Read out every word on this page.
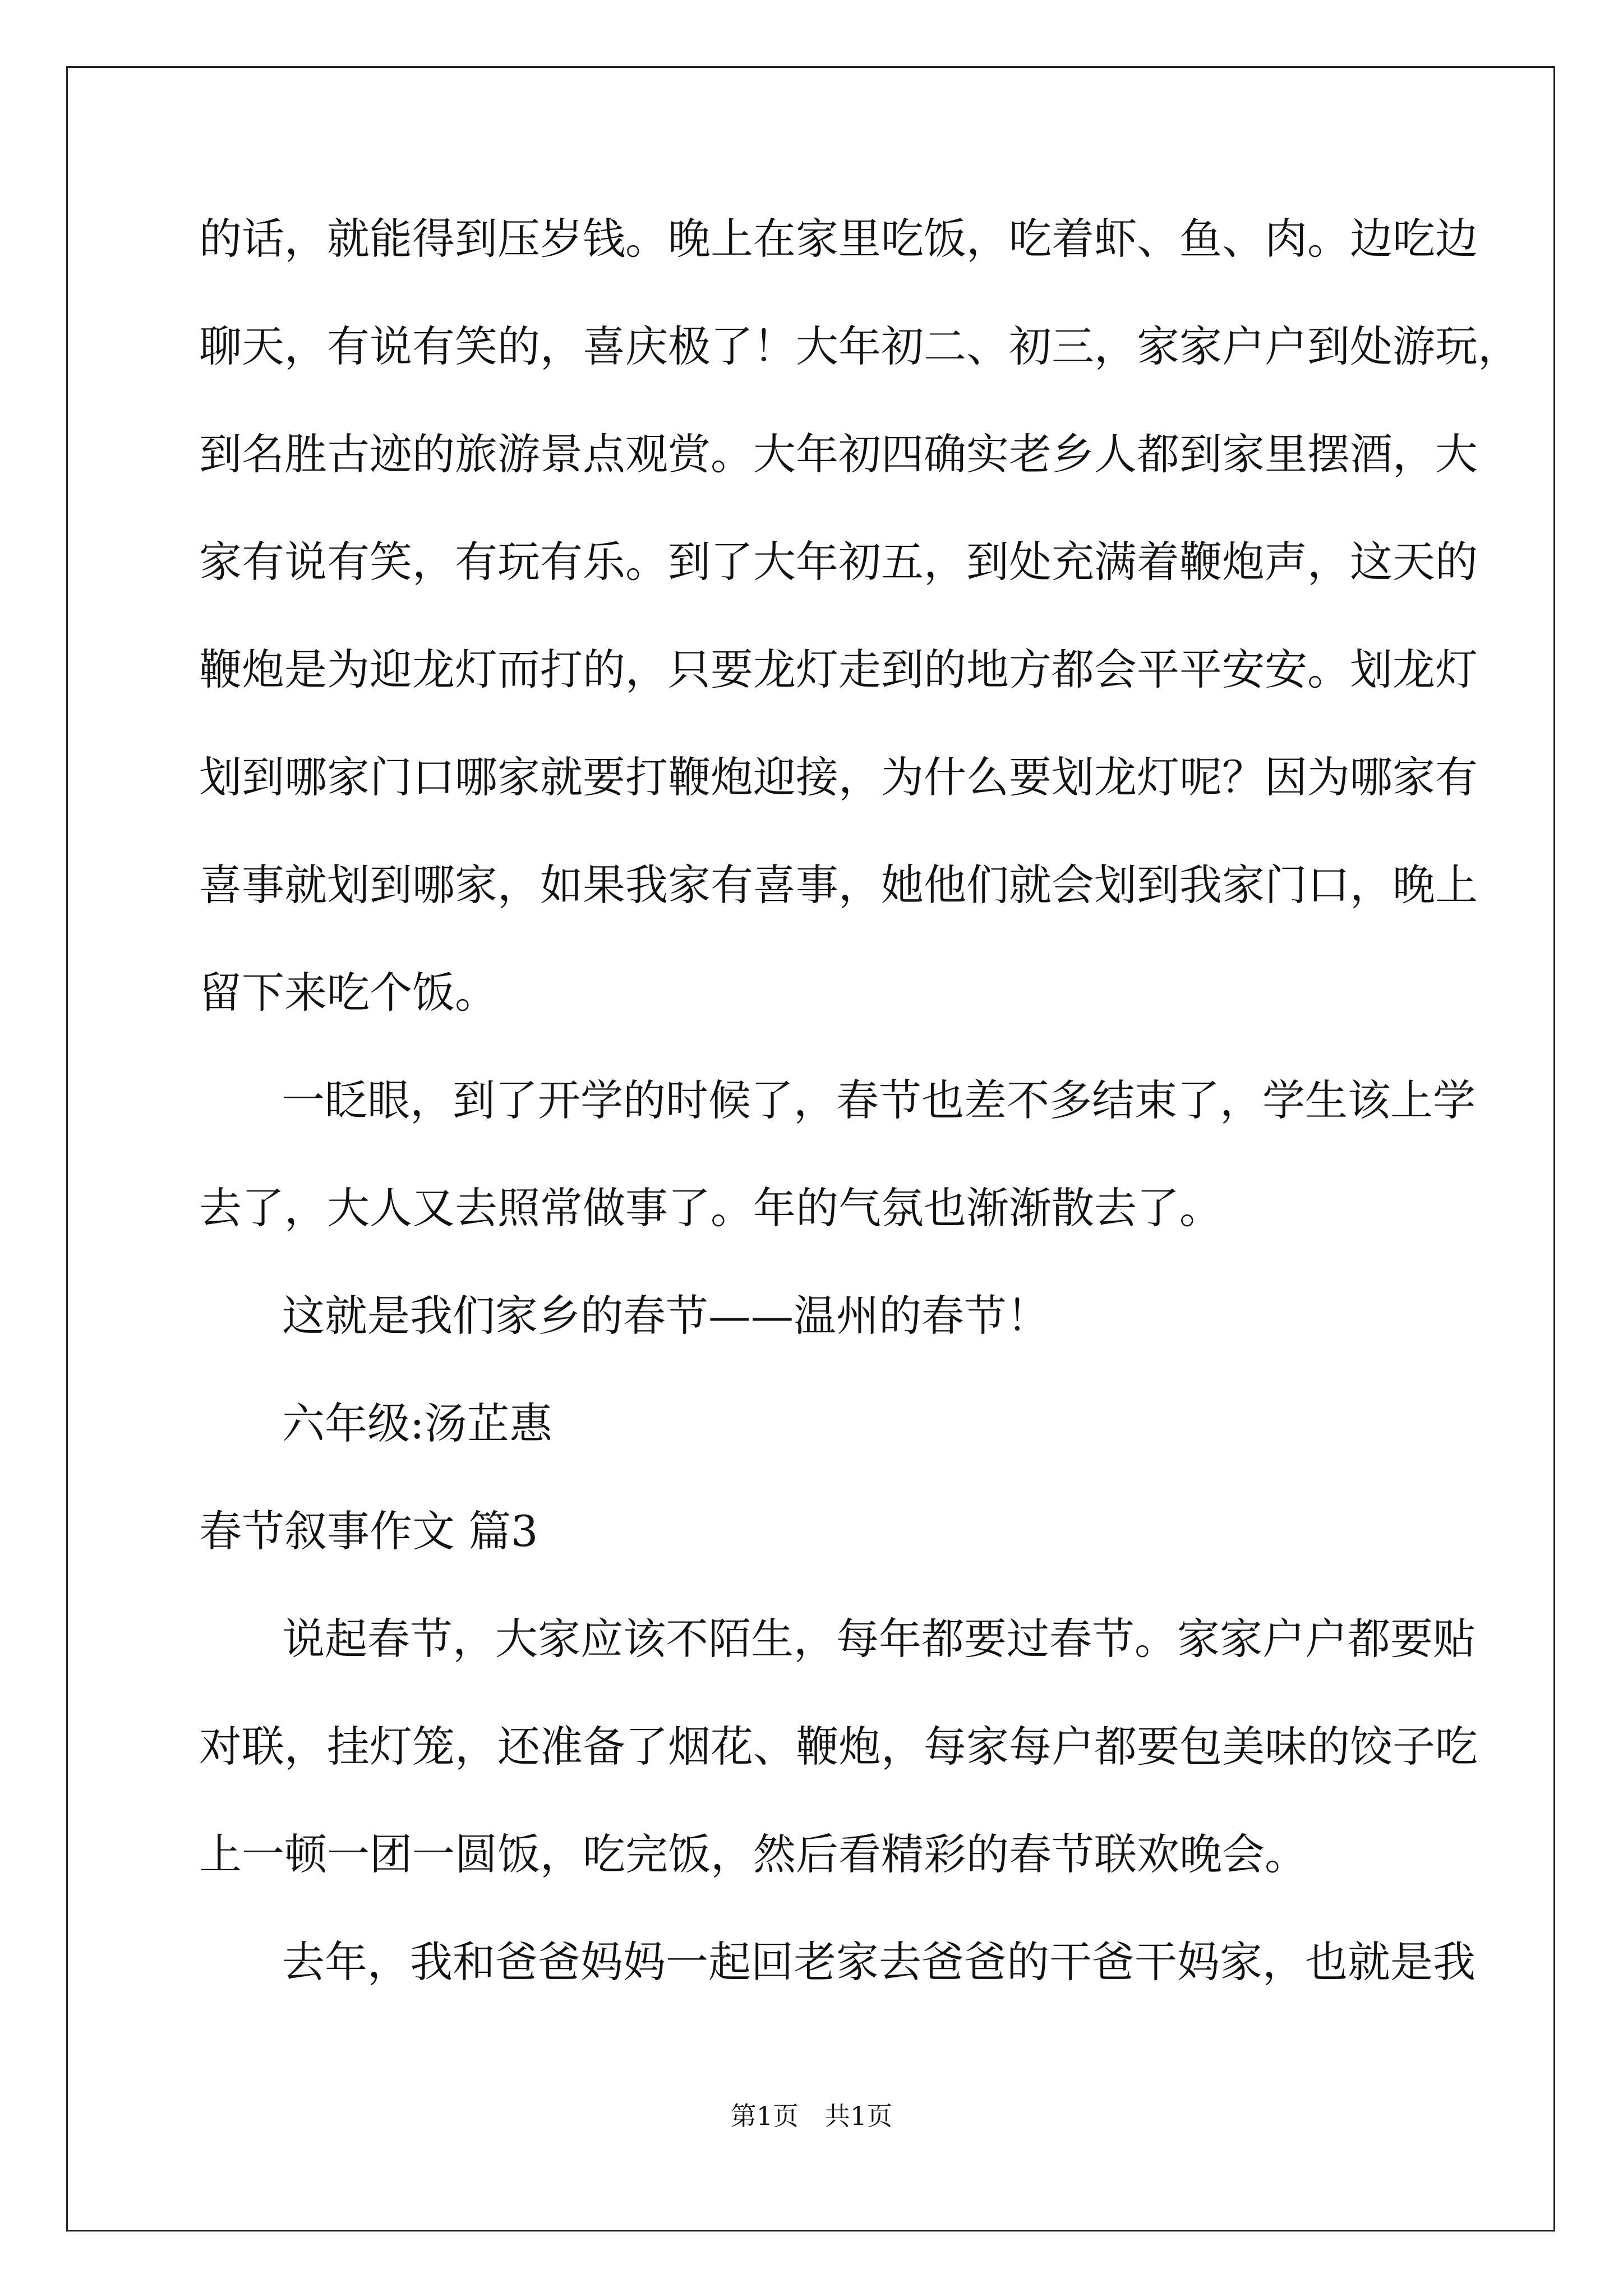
的话，就能得到压岁钱。晚上在家里吃饭，吃着虾、鱼、肉。边吃边
聊天，有说有笑的，喜庆极了！大年初二、初三，家家户户到处游玩，
到名胜古迹的旅游景点观赏。大年初四确实老乡人都到家里摆酒，大
家有说有笑，有玩有乐。到了大年初五，到处充满着鞭炮声，这天的
鞭炮是为迎龙灯而打的，只要龙灯走到的地方都会平平安安。划龙灯
划到哪家门口哪家就要打鞭炮迎接，为什么要划龙灯呢？因为哪家有
喜事就划到哪家，如果我家有喜事，她他们就会划到我家门口，晚上
留下来吃个饭。
一眨眼，到了开学的时候了，春节也差不多结束了，学生该上学
去了，大人又去照常做事了。年的气氛也渐渐散去了。
这就是我们家乡的春节——温州的春节！
六年级:汤芷惠
春节叙事作文 篇3
说起春节，大家应该不陌生，每年都要过春节。家家户户都要贴
对联，挂灯笼，还准备了烟花、鞭炮，每家每户都要包美味的饺子吃
上一顿一团一圆饭，吃完饭，然后看精彩的春节联欢晚会。
去年，我和爸爸妈妈一起回老家去爸爸的干爸干妈家，也就是我
第1页　共1页
